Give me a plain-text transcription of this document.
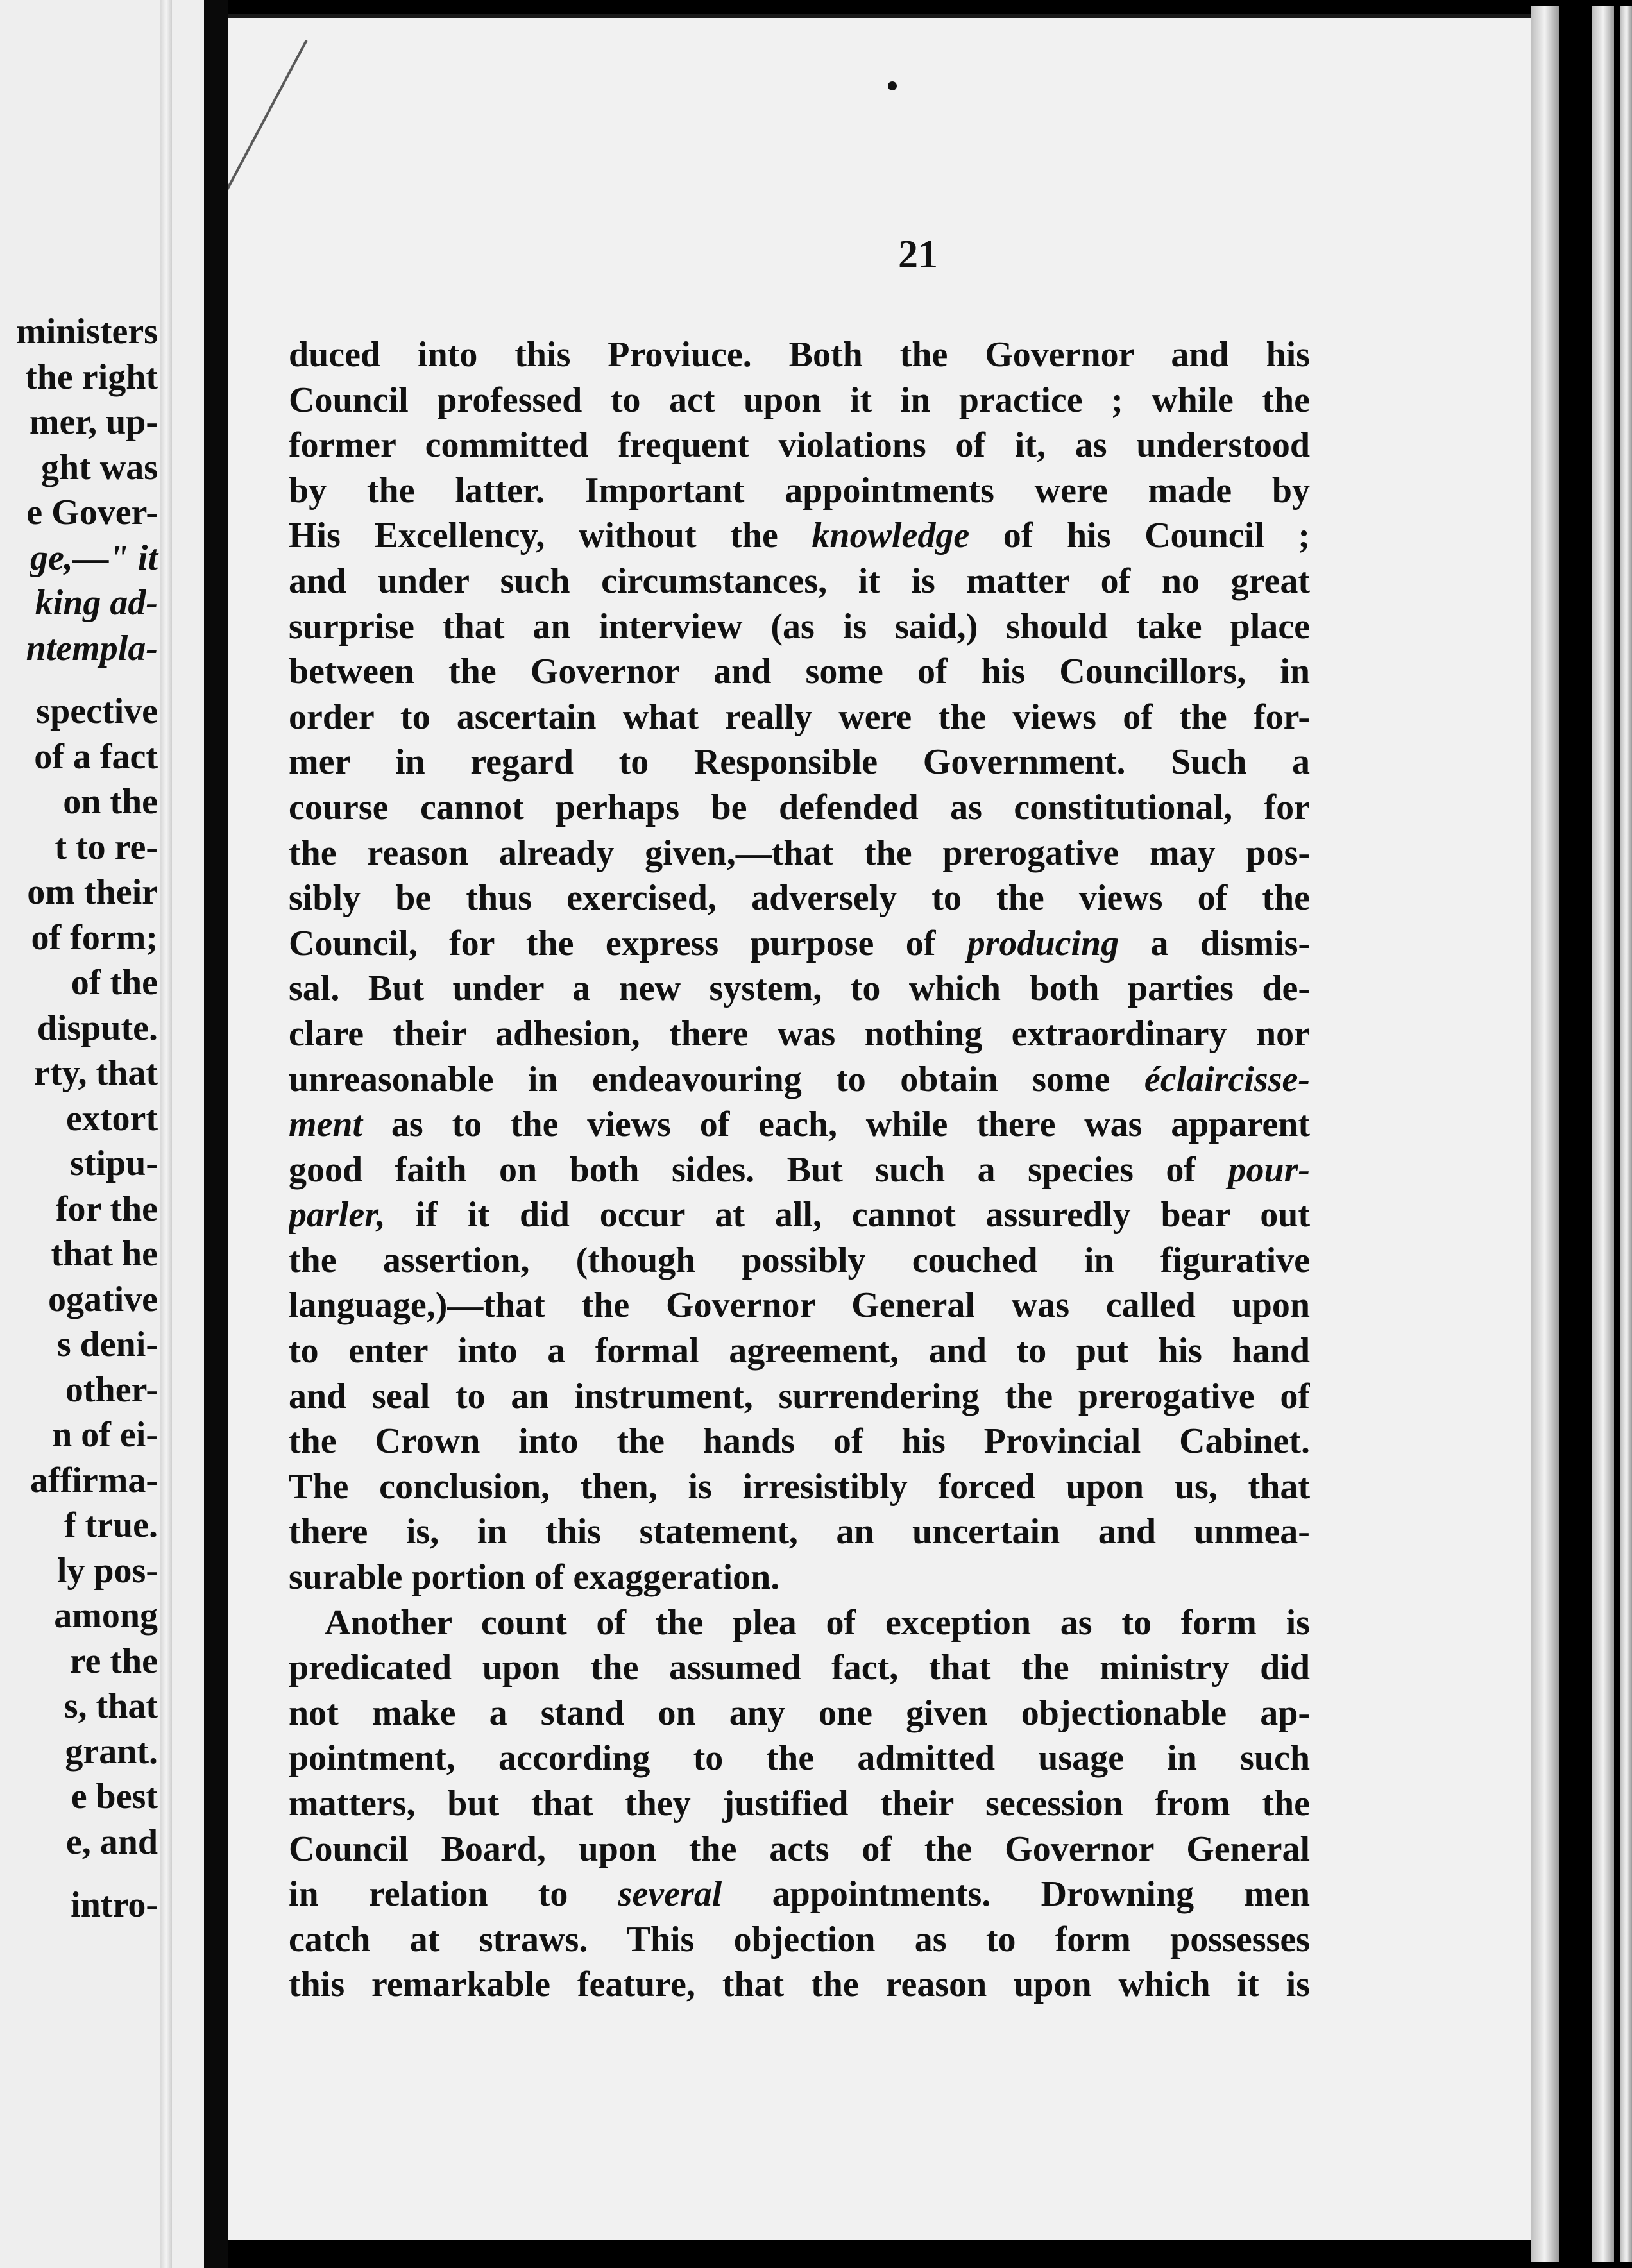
ministers
the right
mer, up-
ght was
e Gover-
ge,—" it
king ad-
ntempla-
spective
of a fact
on the
t to re-
om their
of form;
of the
dispute.
rty, that
extort
stipu-
for the
that he
ogative
s deni-
other-
n of ei-
affirma-
f true.
ly pos-
among
re the
s, that
grant.
e best
e, and
intro-
21
duced into this Proviuce. Both the Governor and his
Council professed to act upon it in practice ; while the
former committed frequent violations of it, as understood
by the latter. Important appointments were made by
His Excellency, without the knowledge of his Council ;
and under such circumstances, it is matter of no great
surprise that an interview (as is said,) should take place
between the Governor and some of his Councillors, in
order to ascertain what really were the views of the for-
mer in regard to Responsible Government. Such a
course cannot perhaps be defended as constitutional, for
the reason already given,—that the prerogative may pos-
sibly be thus exercised, adversely to the views of the
Council, for the express purpose of producing a dismis-
sal. But under a new system, to which both parties de-
clare their adhesion, there was nothing extraordinary nor
unreasonable in endeavouring to obtain some éclaircisse-
ment as to the views of each, while there was apparent
good faith on both sides. But such a species of pour-
parler, if it did occur at all, cannot assuredly bear out
the assertion, (though possibly couched in figurative
language,)—that the Governor General was called upon
to enter into a formal agreement, and to put his hand
and seal to an instrument, surrendering the prerogative of
the Crown into the hands of his Provincial Cabinet.
The conclusion, then, is irresistibly forced upon us, that
there is, in this statement, an uncertain and unmea-
surable portion of exaggeration.
Another count of the plea of exception as to form is
predicated upon the assumed fact, that the ministry did
not make a stand on any one given objectionable ap-
pointment, according to the admitted usage in such
matters, but that they justified their secession from the
Council Board, upon the acts of the Governor General
in relation to several appointments. Drowning men
catch at straws. This objection as to form possesses
this remarkable feature, that the reason upon which it is
